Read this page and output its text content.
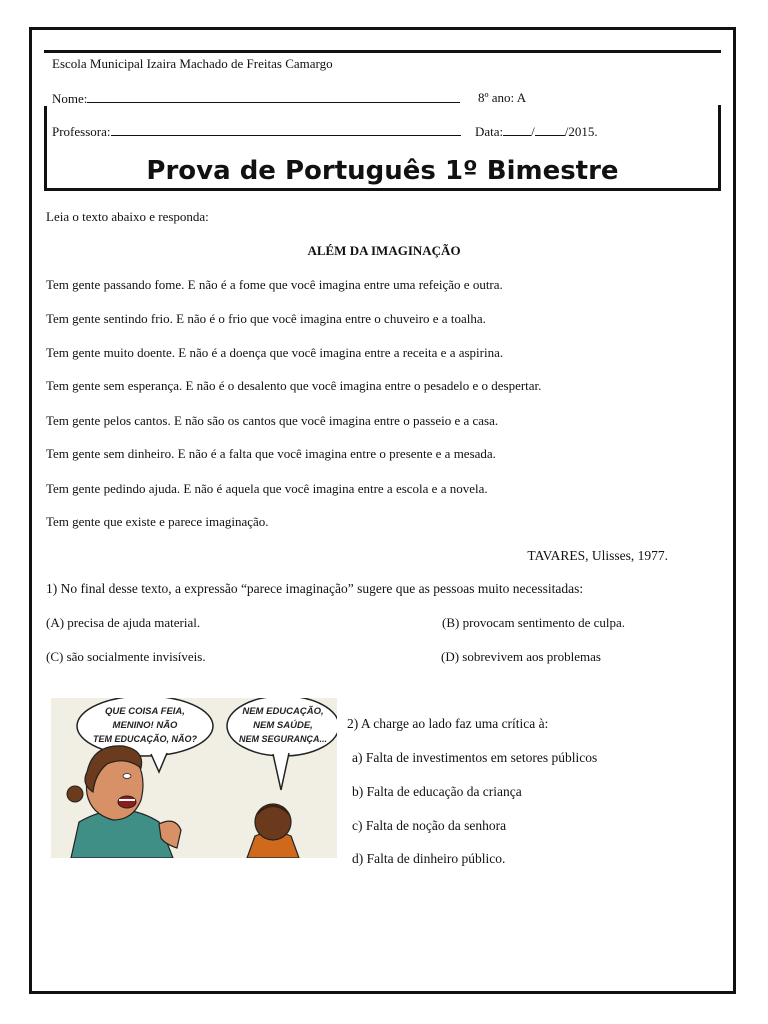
Escola Municipal Izaira Machado de Freitas Camargo
Nome:	8º ano: A
Professora:	Data: / /2015.
Prova de Português 1º Bimestre
Leia o texto abaixo e responda:
ALÉM DA IMAGINAÇÃO
Tem gente passando fome. E não é a fome que você imagina entre uma refeição e outra.
Tem gente sentindo frio. E não é o frio que você imagina entre o chuveiro e a toalha.
Tem gente muito doente. E não é a doença que você imagina entre a receita e a aspirina.
Tem gente sem esperança. E não é o desalento que você imagina entre o pesadelo e o despertar.
Tem gente pelos cantos. E não são os cantos que você imagina entre o passeio e a casa.
Tem gente sem dinheiro. E não é a falta que você imagina entre o presente e a mesada.
Tem gente pedindo ajuda. E não é aquela que você imagina entre a escola e a novela.
Tem gente que existe e parece imaginação.
TAVARES, Ulisses, 1977.
1) No final desse texto, a expressão “parece imaginação” sugere que as pessoas muito necessitadas:
(A) precisa de ajuda material.	(B) provocam sentimento de culpa.
(C) são socialmente invisíveis.	(D) sobrevivem aos problemas
QUE COISA FEIA,
MENINO! NÃO
TEM EDUCAÇÃO, NÃO?
NEM EDUCAÇÃO,
NEM SAÚDE,
NEM SEGURANÇA...
2) A charge ao lado faz uma crítica à:
a) Falta de investimentos em setores públicos
b) Falta de educação da criança
c) Falta de noção da senhora
d) Falta de dinheiro público.
